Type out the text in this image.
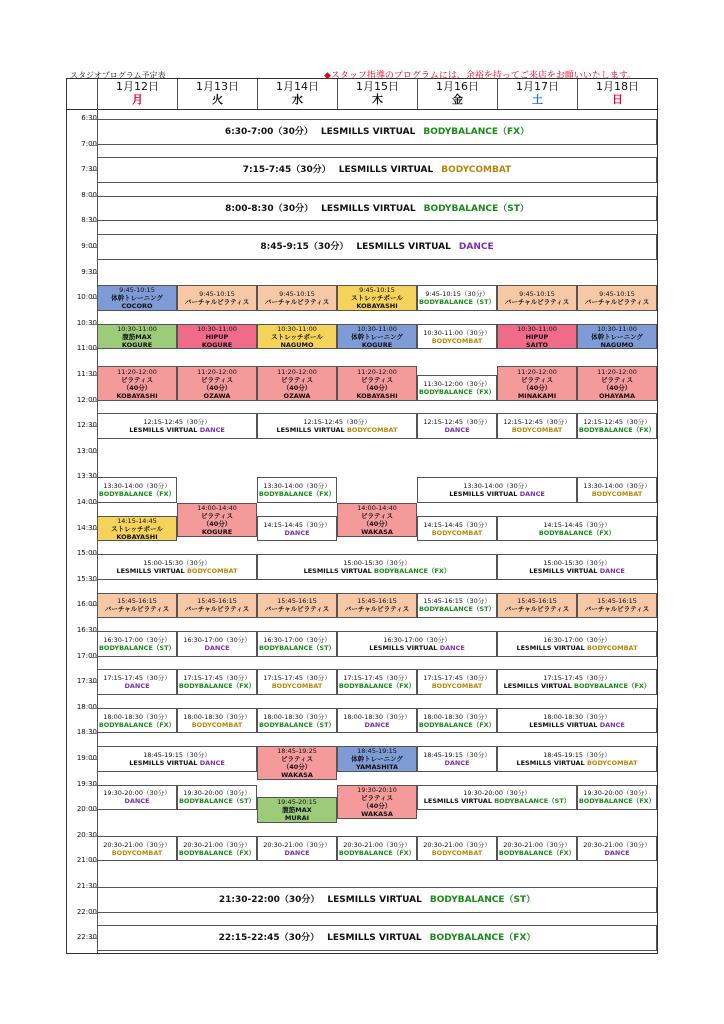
スタジオプログラム予定表	◆スタッフ指導のプログラムには、余裕を持ってご来店をお願いいたします。
1月12日
月
1月13日
火
1月14日
水
1月15日
木
1月16日
金
1月17日
土
1月18日
日
6:30
7:00
7:30
8:00
8:30
9:00
9:30
10:00
10:30
11:00
11:30
12:00
12:30
13:00
13:30
14:00
14:30
15:00
15:30
16:00
16:30
17:00
17:30
18:00
18:30
19:00
19:30
20:00
20:30
21:00
21:30
22:00
22:30
6:30-7:00（30分） LESMILLS VIRTUAL BODYBALANCE（FX）
7:15-7:45（30分） LESMILLS VIRTUAL BODYCOMBAT
8:00-8:30（30分） LESMILLS VIRTUAL BODYBALANCE（ST）
8:45-9:15（30分） LESMILLS VIRTUAL DANCE
21:30-22:00（30分） LESMILLS VIRTUAL BODYBALANCE（ST）
22:15-22:45（30分） LESMILLS VIRTUAL BODYBALANCE（FX）
9:45-10:15
体幹トレーニング
COCORO
9:45-10:15
バーチャルピラティス
9:45-10:15
バーチャルピラティス
9:45-10:15
ストレッチポール
KOBAYASHI
9:45-10:15（30分）
BODYBALANCE（ST）
9:45-10:15
バーチャルピラティス
9:45-10:15
バーチャルピラティス
10:30-11:00
腹筋MAX
KOGURE
10:30-11:00
HIPUP
KOGURE
10:30-11:00
ストレッチポール
NAGUMO
10:30-11:00
体幹トレーニング
KOGURE
10:30-11:00（30分）
BODYCOMBAT
10:30-11:00
HIPUP
SAITO
10:30-11:00
体幹トレーニング
NAGUMO
11:20-12:00
ピラティス
（40分）
KOBAYASHI
11:20-12:00
ピラティス
（40分）
OZAWA
11:20-12:00
ピラティス
（40分）
OZAWA
11:20-12:00
ピラティス
（40分）
KOBAYASHI
11:30-12:00（30分）
BODYBALANCE（FX）
11:20-12:00
ピラティス
（40分）
MINAKAMI
11:20-12:00
ピラティス
（40分）
OHAYAMA
12:15-12:45（30分）
LESMILLS VIRTUAL DANCE
12:15-12:45（30分）
LESMILLS VIRTUAL BODYCOMBAT
12:15-12:45（30分）
DANCE
12:15-12:45（30分）
BODYCOMBAT
12:15-12:45（30分）
BODYBALANCE（FX）
13:30-14:00（30分）
BODYBALANCE（FX）
13:30-14:00（30分）
BODYBALANCE（FX）
13:30-14:00（30分）
LESMILLS VIRTUAL DANCE
13:30-14:00（30分）
BODYCOMBAT
14:15-14:45
ストレッチポール
KOBAYASHI
14:00-14:40
ピラティス
（40分）
KOGURE
14:15-14:45（30分）
DANCE
14:00-14:40
ピラティス
（40分）
WAKASA
14:15-14:45（30分）
BODYCOMBAT
14:15-14:45（30分）
BODYBALANCE（FX）
15:00-15:30（30分）
LESMILLS VIRTUAL BODYCOMBAT
15:00-15:30（30分）
LESMILLS VIRTUAL BODYBALANCE（FX）
15:00-15:30（30分）
LESMILLS VIRTUAL DANCE
15:45-16:15
バーチャルピラティス
15:45-16:15
バーチャルピラティス
15:45-16:15
バーチャルピラティス
15:45-16:15
バーチャルピラティス
15:45-16:15（30分）
BODYBALANCE（ST）
15:45-16:15
バーチャルピラティス
15:45-16:15
バーチャルピラティス
16:30-17:00（30分）
BODYBALANCE（ST）
16:30-17:00（30分）
DANCE
16:30-17:00（30分）
BODYBALANCE（ST）
16:30-17:00（30分）
LESMILLS VIRTUAL DANCE
16:30-17:00（30分）
LESMILLS VIRTUAL BODYCOMBAT
17:15-17:45（30分）
DANCE
17:15-17:45（30分）
BODYBALANCE（FX）
17:15-17:45（30分）
BODYCOMBAT
17:15-17:45（30分）
BODYBALANCE（FX）
17:15-17:45（30分）
BODYCOMBAT
17:15-17:45（30分）
LESMILLS VIRTUAL BODYBALANCE（FX）
18:00-18:30（30分）
BODYBALANCE（FX）
18:00-18:30（30分）
BODYCOMBAT
18:00-18:30（30分）
BODYBALANCE（ST）
18:00-18:30（30分）
DANCE
18:00-18:30（30分）
BODYBALANCE（FX）
18:00-18:30（30分）
LESMILLS VIRTUAL DANCE
18:45-19:15（30分）
LESMILLS VIRTUAL DANCE
18:45-19:25
ピラティス
（40分）
WAKASA
18:45-19:15
体幹トレーニング
YAMASHITA
18:45-19:15（30分）
DANCE
18:45-19:15（30分）
LESMILLS VIRTUAL BODYCOMBAT
19:30-20:00（30分）
DANCE
19:30-20:00（30分）
BODYBALANCE（ST）	19:45-20:15
腹筋MAX
MURAI
19:30-20:10
ピラティス
（40分）
WAKASA
19:30-20:00（30分）
LESMILLS VIRTUAL BODYBALANCE（ST）
19:30-20:00（30分）
BODYBALANCE（FX）
20:30-21:00（30分）
BODYCOMBAT
20:30-21:00（30分）
BODYBALANCE（FX）
20:30-21:00（30分）
DANCE
20:30-21:00（30分）
BODYBALANCE（FX）
20:30-21:00（30分）
BODYCOMBAT
20:30-21:00（30分）
BODYBALANCE（FX）
20:30-21:00（30分）
DANCE
